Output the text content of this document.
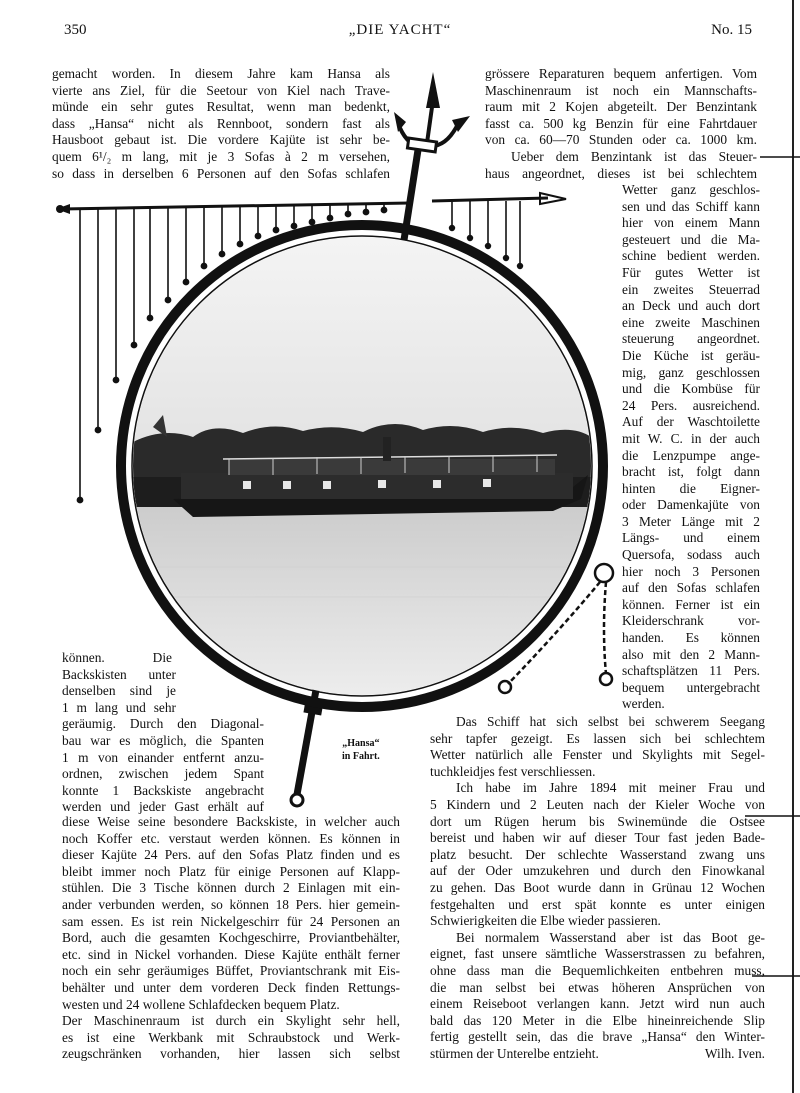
350	„DIE YACHT“	No. 15
„Hansa“
in Fahrt.
gemacht worden. In diesem Jahre kam Hansa als
vierte ans Ziel, für die Seetour von Kiel nach Trave-
münde ein sehr gutes Resultat, wenn man bedenkt,
dass „Hansa“ nicht als Rennboot, sondern fast als
Hausboot gebaut ist. Die vordere Kajüte ist sehr be-
quem 6¹/₂ m lang, mit je 3 Sofas à 2 m versehen,
so dass in derselben 6 Personen auf den Sofas schlafen
grössere Reparaturen bequem anfertigen. Vom
Maschinenraum ist noch ein Mannschafts-
raum mit 2 Kojen abgeteilt. Der Benzintank
fasst ca. 500 kg Benzin für eine Fahrtdauer
von ca. 60—70 Stunden oder ca. 1000 km.
Ueber dem Benzintank ist das Steuer-
haus angeordnet, dieses ist bei schlechtem
Wetter ganz geschlos-
sen und das Schiff kann
hier von einem Mann
gesteuert und die Ma-
schine bedient werden.
Für gutes Wetter ist
ein zweites Steuerrad
an Deck und auch dort
eine zweite Maschinen
steuerung angeordnet.
Die Küche ist geräu-
mig, ganz geschlossen
und die Kombüse für
24 Pers. ausreichend.
Auf der Waschtoilette
mit W. C. in der auch
die Lenzpumpe ange-
bracht ist, folgt dann
hinten die Eigner-
oder Damenkajüte von
3 Meter Länge mit 2
Längs- und einem
Quersofa, sodass auch
hier noch 3 Personen
auf den Sofas schlafen
können. Ferner ist ein
Kleiderschrank vor-
handen. Es können
also mit den 2 Mann-
schaftsplätzen 11 Pers.
bequem untergebracht
werden.
können. Die
Backskisten unter
denselben sind je
1 m lang und sehr
geräumig. Durch den Diagonal-
bau war es möglich, die Spanten
1 m von einander entfernt anzu-
ordnen, zwischen jedem Spant
konnte 1 Backskiste angebracht
werden und jeder Gast erhält auf
diese Weise seine besondere Backskiste, in welcher auch
noch Koffer etc. verstaut werden können. Es können in
dieser Kajüte 24 Pers. auf den Sofas Platz finden und es
bleibt immer noch Platz für einige Personen auf Klapp-
stühlen. Die 3 Tische können durch 2 Einlagen mit ein-
ander verbunden werden, so können 18 Pers. hier gemein-
sam essen. Es ist rein Nickelgeschirr für 24 Personen an
Bord, auch die gesamten Kochgeschirre, Proviantbehälter,
etc. sind in Nickel vorhanden. Diese Kajüte enthält ferner
noch ein sehr geräumiges Büffet, Proviantschrank mit Eis-
behälter und unter dem vorderen Deck finden Rettungs-
westen und 24 wollene Schlafdecken bequem Platz.
Der Maschinenraum ist durch ein Skylight sehr hell,
es ist eine Werkbank mit Schraubstock und Werk-
zeugschränken vorhanden, hier lassen sich selbst
Das Schiff hat sich selbst bei schwerem Seegang
sehr tapfer gezeigt. Es lassen sich bei schlechtem
Wetter natürlich alle Fenster und Skylights mit Segel-
tuchkleidjes fest verschliessen.
Ich habe im Jahre 1894 mit meiner Frau und
5 Kindern und 2 Leuten nach der Kieler Woche von
dort um Rügen herum bis Swinemünde die Ostsee
bereist und haben wir auf dieser Tour fast jeden Bade-
platz besucht. Der schlechte Wasserstand zwang uns
auf der Oder umzukehren und durch den Finowkanal
zu gehen. Das Boot wurde dann in Grünau 12 Wochen
festgehalten und erst spät konnte es unter einigen
Schwierigkeiten die Elbe wieder passieren.
Bei normalem Wasserstand aber ist das Boot ge-
eignet, fast unsere sämtliche Wasserstrassen zu befahren,
ohne dass man die Bequemlichkeiten entbehren muss,
die man selbst bei etwas höheren Ansprüchen von
einem Reiseboot verlangen kann. Jetzt wird nun auch
bald das 120 Meter in die Elbe hineinreichende Slip
fertig gestellt sein, das die brave „Hansa“ den Winter-
stürmen der Unterelbe entzieht.	Wilh. Iven.
